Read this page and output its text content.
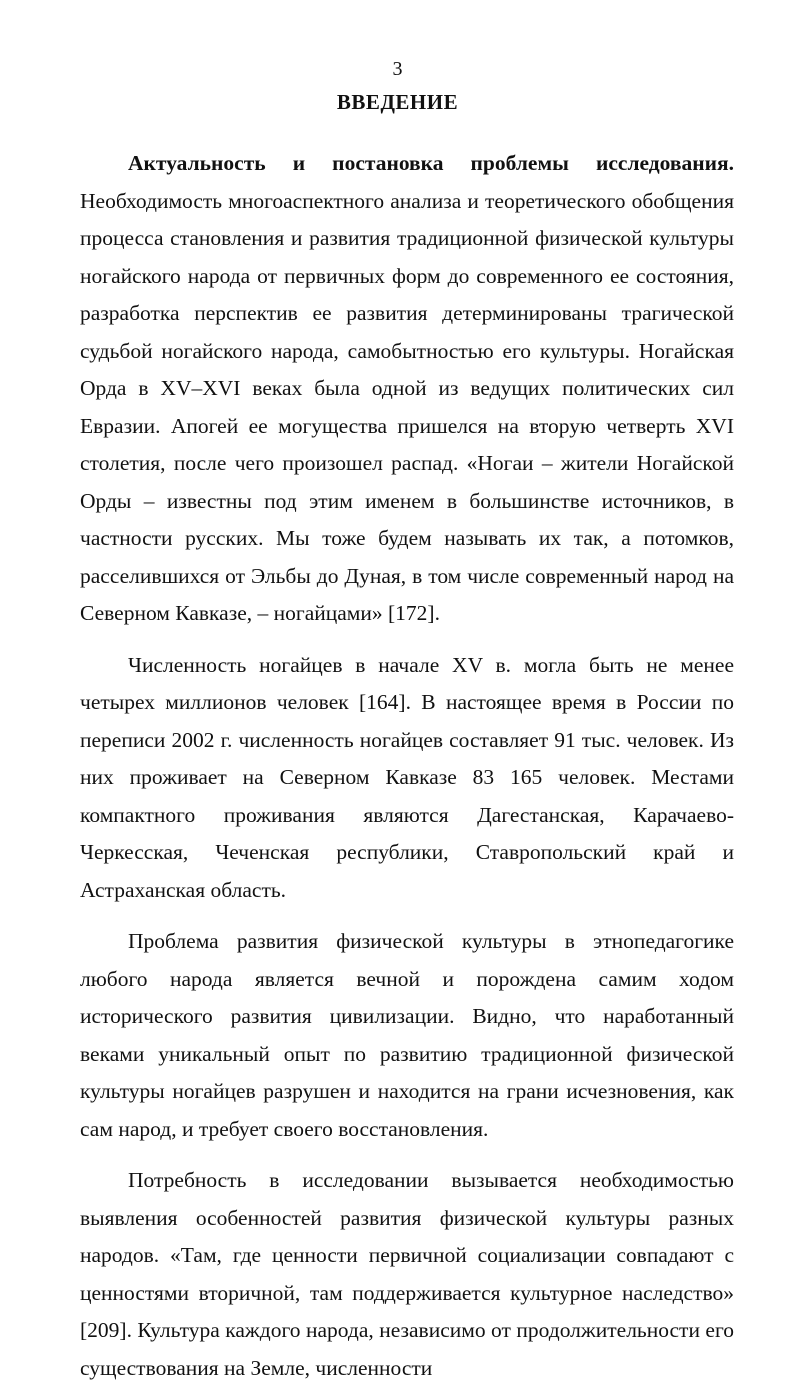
3
ВВЕДЕНИЕ

Актуальность и постановка проблемы исследования. Необходимость многоаспектного анализа и теоретического обобщения процесса становления и развития традиционной физической культуры ногайского народа от первичных форм до современного ее состояния, разработка перспектив ее развития детерминированы трагической судьбой ногайского народа, самобытностью его культуры. Ногайская Орда в XV–XVI веках была одной из ведущих политических сил Евразии. Апогей ее могущества пришелся на вторую четверть XVI столетия, после чего произошел распад. «Ногаи – жители Ногайской Орды – известны под этим именем в большинстве источников, в частности русских. Мы тоже будем называть их так, а потомков, расселившихся от Эльбы до Дуная, в том числе современный народ на Северном Кавказе, – ногайцами» [172].

Численность ногайцев в начале XV в. могла быть не менее четырех миллионов человек [164]. В настоящее время в России по переписи 2002 г. численность ногайцев составляет 91 тыс. человек. Из них проживает на Северном Кавказе 83 165 человек. Местами компактного проживания являются Дагестанская, Карачаево-Черкесская, Чеченская республики, Ставропольский край и Астраханская область.

Проблема развития физической культуры в этнопедагогике любого народа является вечной и порождена самим ходом исторического развития цивилизации. Видно, что наработанный веками уникальный опыт по развитию традиционной физической культуры ногайцев разрушен и находится на грани исчезновения, как сам народ, и требует своего восстановления.

Потребность в исследовании вызывается необходимостью выявления особенностей развития физической культуры разных народов. «Там, где ценности первичной социализации совпадают с ценностями вторичной, там поддерживается культурное наследство» [209]. Культура каждого народа, независимо от продолжительности его существования на Земле, численности
